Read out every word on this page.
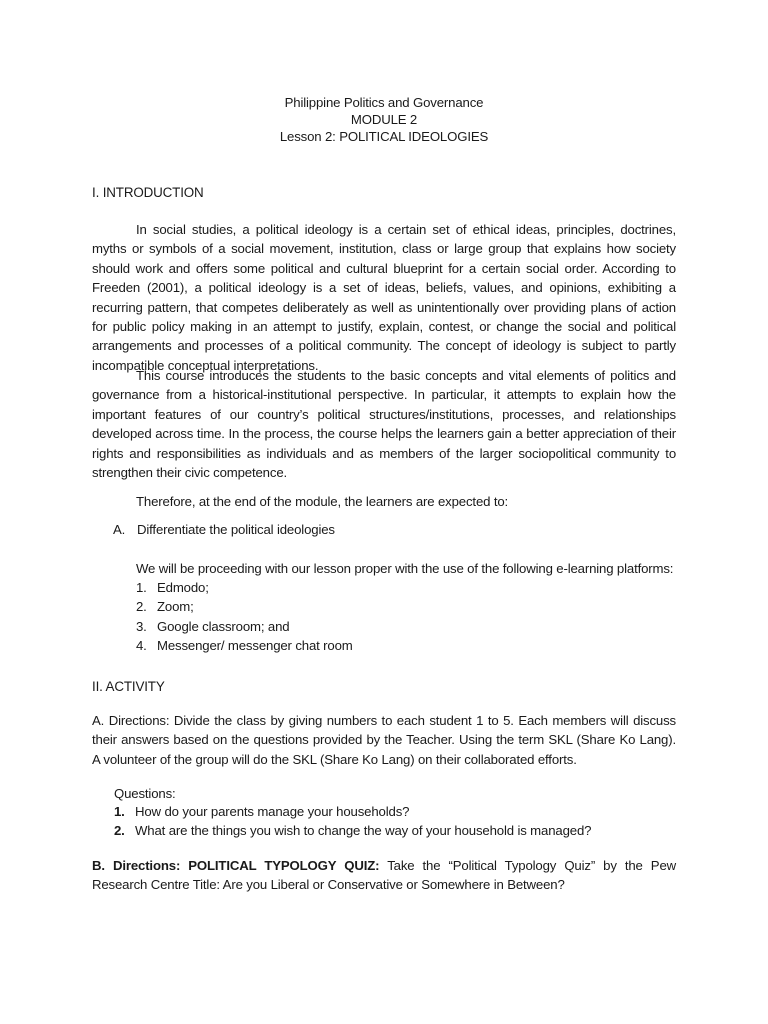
Philippine Politics and Governance
MODULE 2
Lesson 2: POLITICAL IDEOLOGIES
I. INTRODUCTION
In social studies, a political ideology is a certain set of ethical ideas, principles, doctrines, myths or symbols of a social movement, institution, class or large group that explains how society should work and offers some political and cultural blueprint for a certain social order. According to Freeden (2001), a political ideology is a set of ideas, beliefs, values, and opinions, exhibiting a recurring pattern, that competes deliberately as well as unintentionally over providing plans of action for public policy making in an attempt to justify, explain, contest, or change the social and political arrangements and processes of a political community. The concept of ideology is subject to partly incompatible conceptual interpretations.
This course introduces the students to the basic concepts and vital elements of politics and governance from a historical-institutional perspective. In particular, it attempts to explain how the important features of our country’s political structures/institutions, processes, and relationships developed across time. In the process, the course helps the learners gain a better appreciation of their rights and responsibilities as individuals and as members of the larger sociopolitical community to strengthen their civic competence.
Therefore, at the end of the module, the learners are expected to:
A. Differentiate the political ideologies
We will be proceeding with our lesson proper with the use of the following e-learning platforms:
1. Edmodo;
2. Zoom;
3. Google classroom; and
4. Messenger/ messenger chat room
II. ACTIVITY
A. Directions: Divide the class by giving numbers to each student 1 to 5. Each members will discuss their answers based on the questions provided by the Teacher. Using the term SKL (Share Ko Lang). A volunteer of the group will do the SKL (Share Ko Lang) on their collaborated efforts.
Questions:
1. How do your parents manage your households?
2. What are the things you wish to change the way of your household is managed?
B. Directions: POLITICAL TYPOLOGY QUIZ: Take the “Political Typology Quiz” by the Pew Research Centre Title: Are you Liberal or Conservative or Somewhere in Between?
